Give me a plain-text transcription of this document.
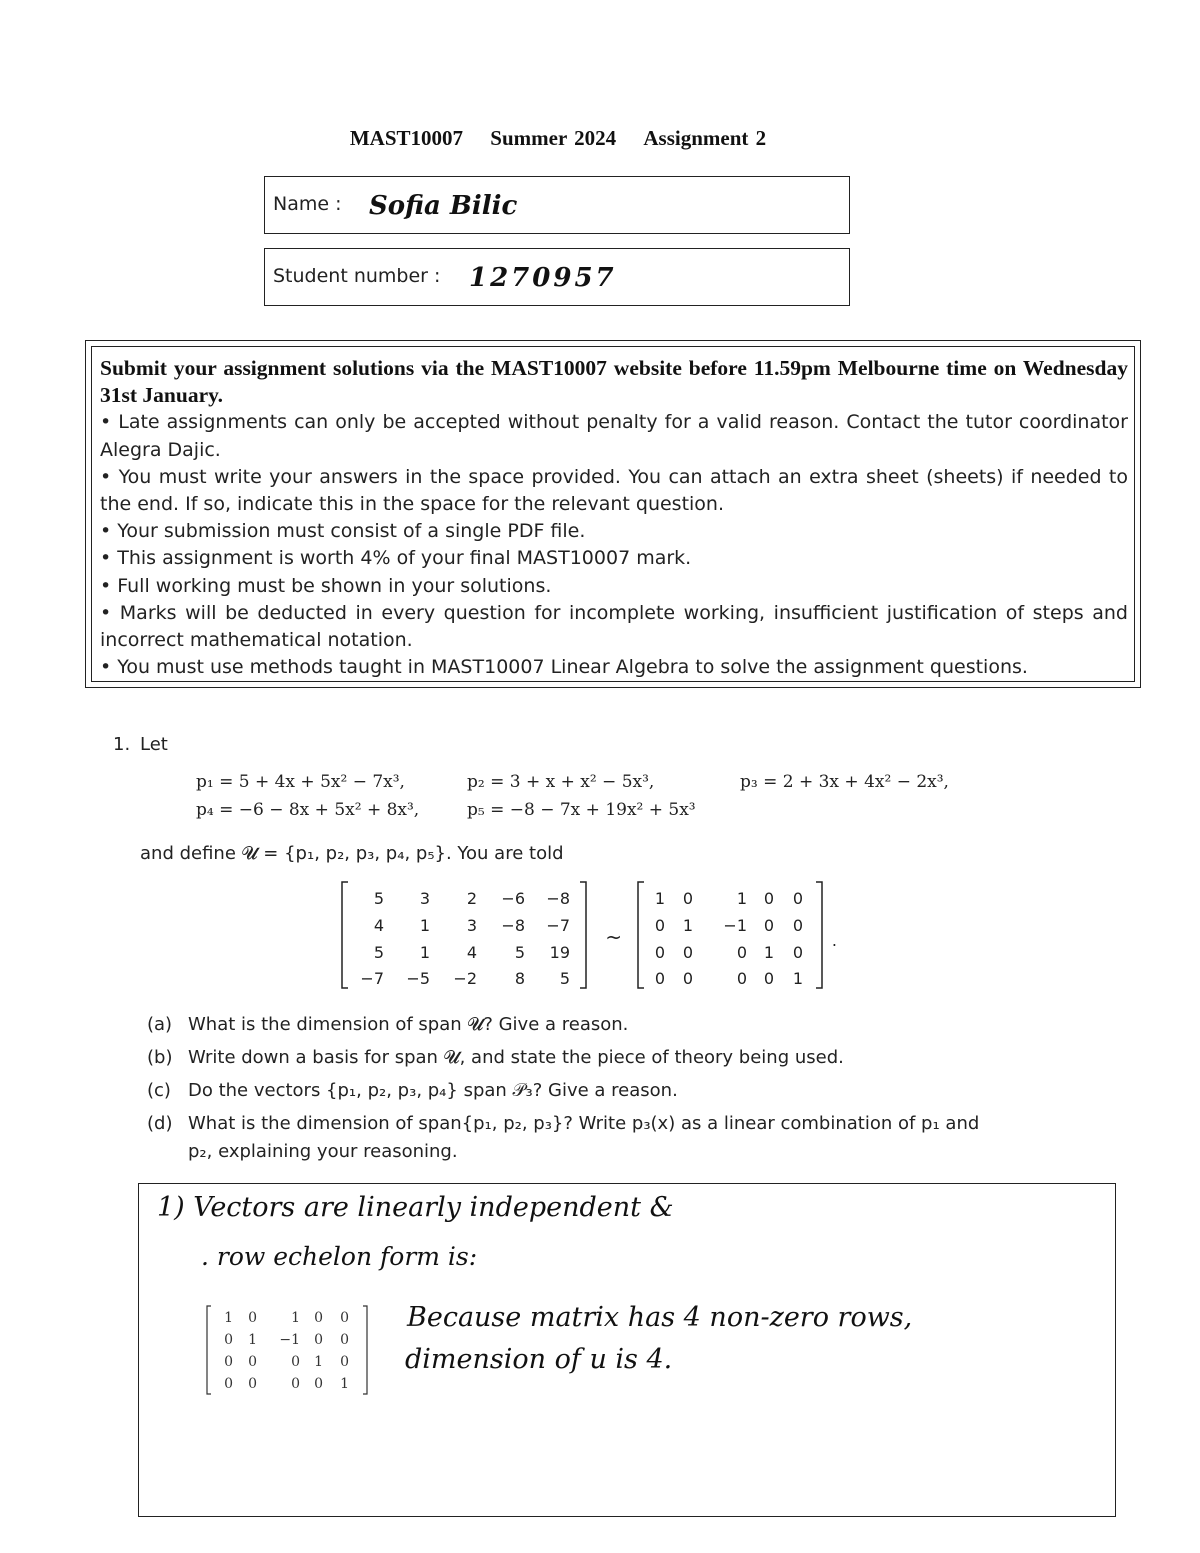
MAST10007 Summer 2024 Assignment 2
Name : Sofia Bilic
Student number : 1270957
Submit your assignment solutions via the MAST10007 website before 11.59pm Melbourne time on Wednesday 31st January.
• Late assignments can only be accepted without penalty for a valid reason. Contact the tutor coordinator Alegra Dajic.
• You must write your answers in the space provided. You can attach an extra sheet (sheets) if needed to the end. If so, indicate this in the space for the relevant question.
• Your submission must consist of a single PDF file.
• This assignment is worth 4% of your final MAST10007 mark.
• Full working must be shown in your solutions.
• Marks will be deducted in every question for incomplete working, insufficient justification of steps and incorrect mathematical notation.
• You must use methods taught in MAST10007 Linear Algebra to solve the assignment questions.
1. Let
p₁ = 5 + 4x + 5x² − 7x³,	p₂ = 3 + x + x² − 5x³,	p₃ = 2 + 3x + 4x² − 2x³,
p₄ = −6 − 8x + 5x² + 8x³,	p₅ = −8 − 7x + 19x² + 5x³
and define 𝓤 = {p₁, p₂, p₃, p₄, p₅}. You are told
5 3 2 −6 −8
4 1 3 −8 −7
5 1 4 5 19
−7 −5 −2 8 5
~
1 0	1 0 0
0 1 −1 0 0
0 0	0 1 0
0 0	0 0 1
.
(a) What is the dimension of span 𝓤? Give a reason.
(b) Write down a basis for span 𝓤, and state the piece of theory being used.
(c) Do the vectors {p₁, p₂, p₃, p₄} span 𝒫₃? Give a reason.
(d) What is the dimension of span{p₁, p₂, p₃}? Write p₃(x) as a linear combination of p₁ and
p₂, explaining your reasoning.
1) Vectors are linearly independent &
. row echelon form is:
1 0 1 0 0
0 1 −1 0 0
0 0 0 1 0
0 0 0 0 1
Because matrix has 4 non-zero rows,
dimension of u is 4.
